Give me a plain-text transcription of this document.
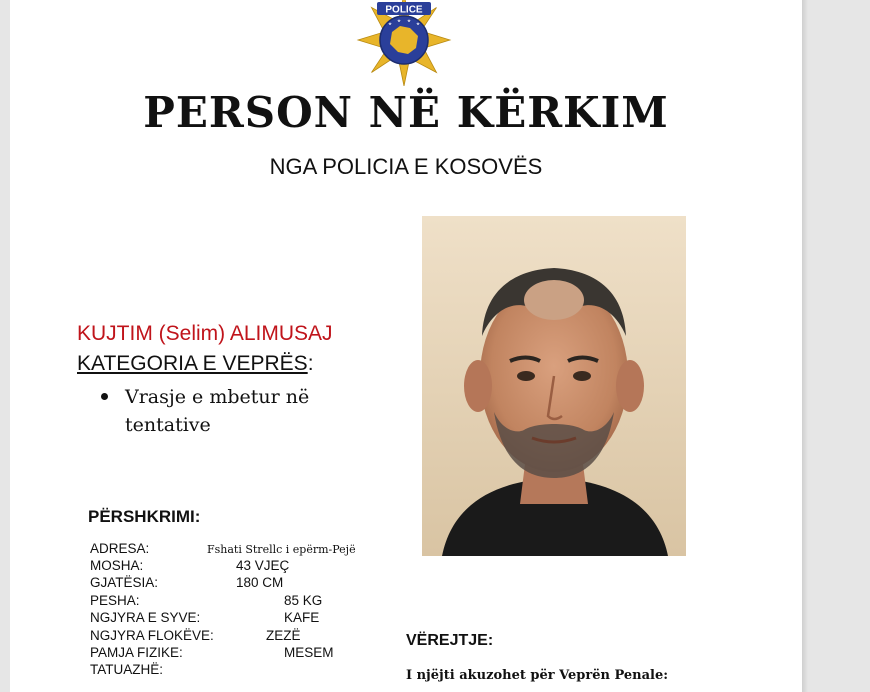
POLICE
PERSON NË KËRKIM
NGA POLICIA E KOSOVËS
KUJTIM (Selim) ALIMUSAJ
KATEGORIA E VEPRËS:
Vrasje e mbetur në tentative
PËRSHKRIMI:
ADRESA:	Fshati Strellc i epërm-Pejë
MOSHA:	43 VJEÇ
GJATËSIA:	180 CM
PESHA:	85 KG
NGJYRA E SYVE:	KAFE
NGJYRA FLOKËVE:	ZEZË
PAMJA FIZIKE:	MESEM
TATUAZHË:
VËREJTJE:
I njëjti akuzohet për Veprën Penale:
